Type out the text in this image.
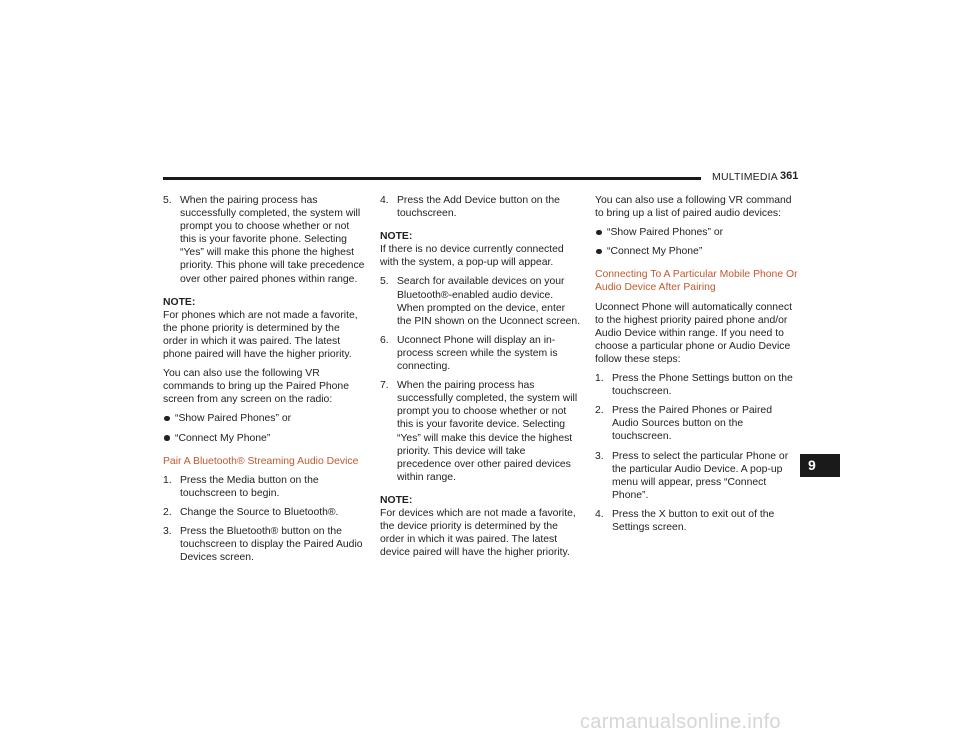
MULTIMEDIA 361
5. When the pairing process has successfully completed, the system will prompt you to choose whether or not this is your favorite phone. Selecting “Yes” will make this phone the highest priority. This phone will take precedence over other paired phones within range.
NOTE:
For phones which are not made a favorite, the phone priority is determined by the order in which it was paired. The latest phone paired will have the higher priority.
You can also use the following VR commands to bring up the Paired Phone screen from any screen on the radio:
“Show Paired Phones” or
“Connect My Phone”
Pair A Bluetooth® Streaming Audio Device
1. Press the Media button on the touchscreen to begin.
2. Change the Source to Bluetooth®.
3. Press the Bluetooth® button on the touchscreen to display the Paired Audio Devices screen.
4. Press the Add Device button on the touchscreen.
NOTE:
If there is no device currently connected with the system, a pop-up will appear.
5. Search for available devices on your Bluetooth®-enabled audio device. When prompted on the device, enter the PIN shown on the Uconnect screen.
6. Uconnect Phone will display an in-process screen while the system is connecting.
7. When the pairing process has successfully completed, the system will prompt you to choose whether or not this is your favorite device. Selecting “Yes” will make this device the highest priority. This device will take precedence over other paired devices within range.
NOTE:
For devices which are not made a favorite, the device priority is determined by the order in which it was paired. The latest device paired will have the higher priority.
You can also use a following VR command to bring up a list of paired audio devices:
“Show Paired Phones” or
“Connect My Phone”
Connecting To A Particular Mobile Phone Or Audio Device After Pairing
Uconnect Phone will automatically connect to the highest priority paired phone and/or Audio Device within range. If you need to choose a particular phone or Audio Device follow these steps:
1. Press the Phone Settings button on the touchscreen.
2. Press the Paired Phones or Paired Audio Sources button on the touchscreen.
3. Press to select the particular Phone or the particular Audio Device. A pop-up menu will appear, press “Connect Phone”.
4. Press the X button to exit out of the Settings screen.
9
carmanualsonline.info
